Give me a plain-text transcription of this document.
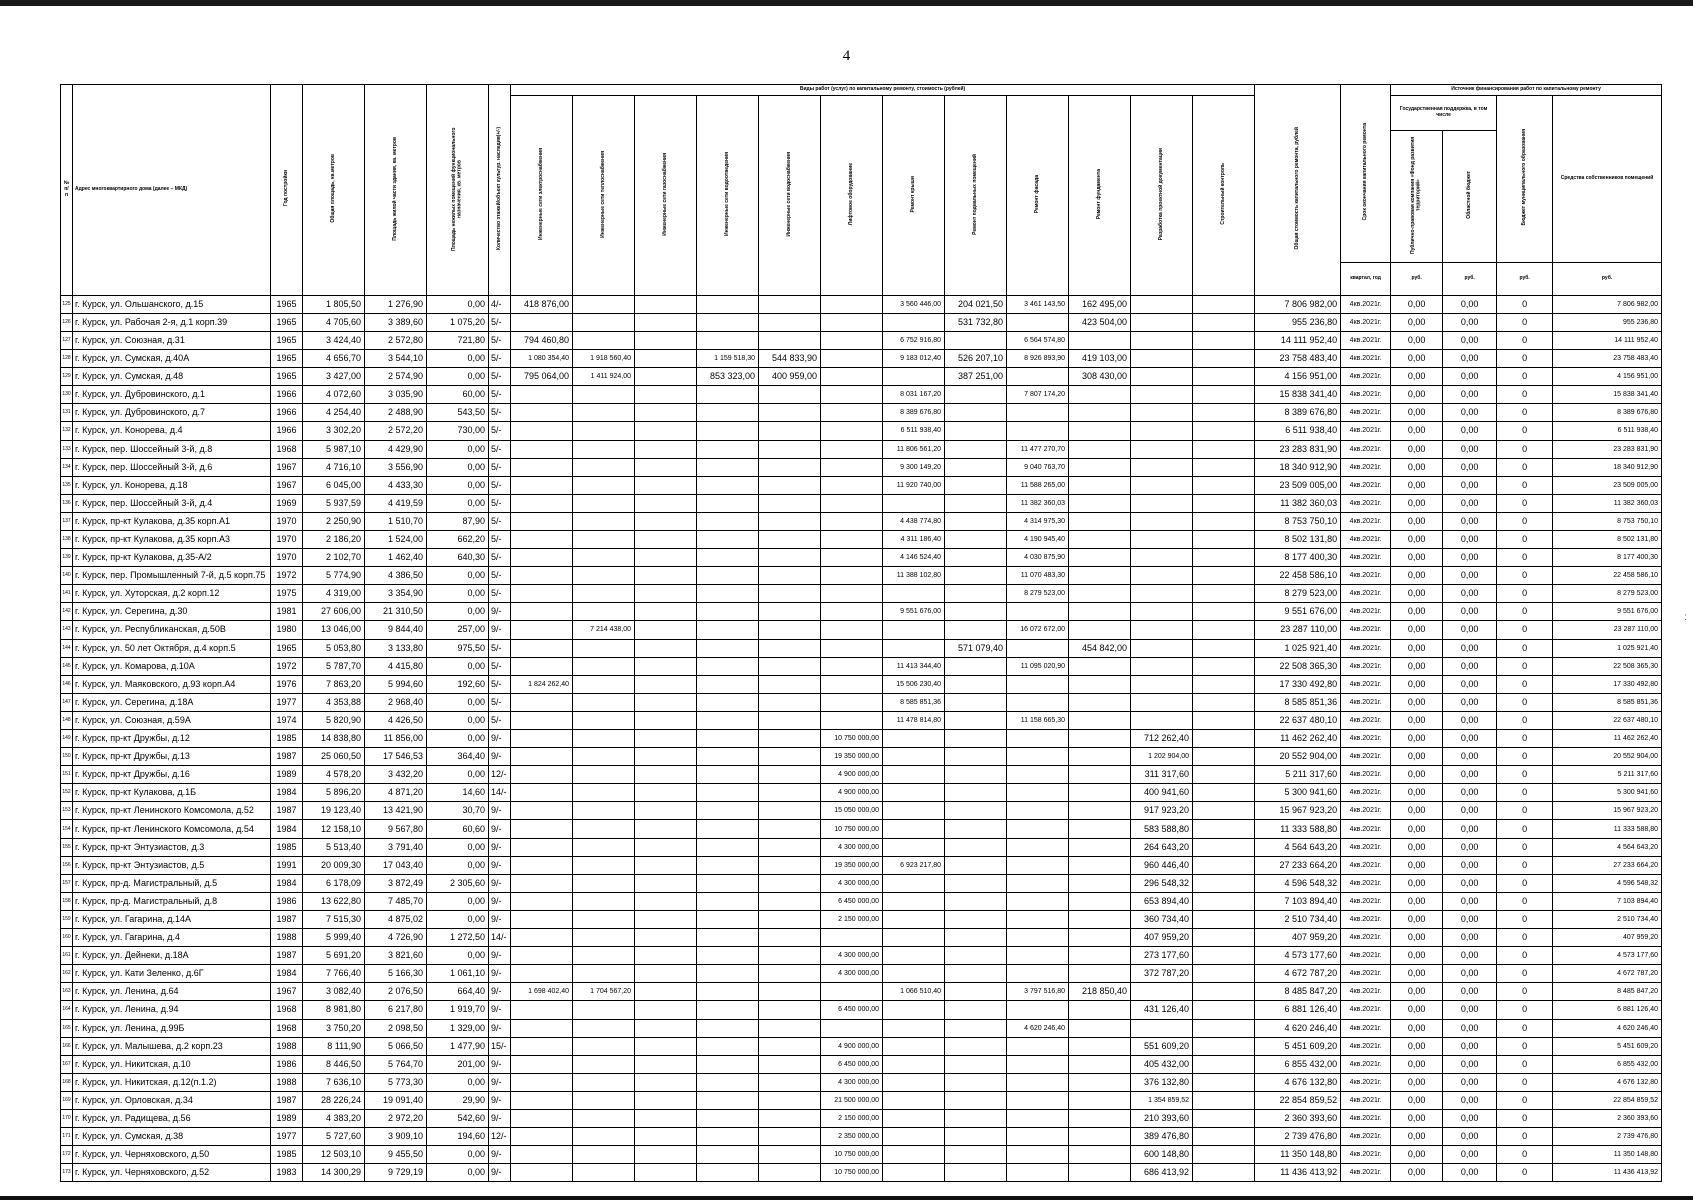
4
№ п/п	Адрес многоквартирного дома (далее – МКД)	Год постройки	Общая площадь, кв.метров	Площадь жилой части здания, кв. метров	Площадь нежилых помещений функционального назначения, кв. метров	Количество этажей/объект культур. наследия(+/-)	Виды работ (услуг) по капитальному ремонту, стоимость (рублей)												Общая стоимость капитального ремонта, рублей	Срок окончания капитального ремонта	Источник финансирования работ по капитальному ремонту			
							Инженерные сети электроснабжения	Инженерные сети теплоснабжения	Инженерные сети газоснабжения	Инженерные сети водоотведения	Инженерные сети водоснабжения	Лифтовое оборудование	Ремонт крыши	Ремонт подвальных помещений	Ремонт фасада	Ремонт фундамента	Разработка проектной документации	Строительный контроль			Государственная поддержка, в том числе		Бюджет муниципального образования	Средства собственников помещений
																					Публично-правовая компания «Фонд развития территорий»	Областной бюджет		
																				квартал, год	руб.	руб.	руб.	руб.
125	г. Курск, ул. Ольшанского, д.15	1965	1 805,50	1 276,90	0,00	4/-	418 876,00						3 560 446,00	204 021,50	3 461 143,50	162 495,00			7 806 982,00	4кв.2021г.	0,00	0,00	0	7 806 982,00
126	г. Курск, ул. Рабочая 2-я, д.1 корп.39	1965	4 705,60	3 389,60	1 075,20	5/-								531 732,80		423 504,00			955 236,80	4кв.2021г.	0,00	0,00	0	955 236,80
127	г. Курск, ул. Союзная, д.31	1965	3 424,40	2 572,80	721,80	5/-	794 460,80						6 752 916,80		6 564 574,80				14 111 952,40	4кв.2021г.	0,00	0,00	0	14 111 952,40
128	г. Курск, ул. Сумская, д.40А	1965	4 656,70	3 544,10	0,00	5/-	1 080 354,40	1 918 560,40		1 159 518,30	544 833,90		9 183 012,40	526 207,10	8 926 893,90	419 103,00			23 758 483,40	4кв.2021г.	0,00	0,00	0	23 758 483,40
129	г. Курск, ул. Сумская, д.48	1965	3 427,00	2 574,90	0,00	5/-	795 064,00	1 411 924,00		853 323,00	400 959,00			387 251,00		308 430,00			4 156 951,00	4кв.2021г.	0,00	0,00	0	4 156 951,00
130	г. Курск, ул. Дубровинского, д.1	1966	4 072,60	3 035,90	60,00	5/-							8 031 167,20		7 807 174,20				15 838 341,40	4кв.2021г.	0,00	0,00	0	15 838 341,40
131	г. Курск, ул. Дубровинского, д.7	1966	4 254,40	2 488,90	543,50	5/-							8 389 676,80						8 389 676,80	4кв.2021г.	0,00	0,00	0	8 389 676,80
132	г. Курск, ул. Конорева, д.4	1966	3 302,20	2 572,20	730,00	5/-							6 511 938,40						6 511 938,40	4кв.2021г.	0,00	0,00	0	6 511 938,40
133	г. Курск, пер. Шоссейный 3-й, д.8	1968	5 987,10	4 429,90	0,00	5/-							11 806 561,20		11 477 270,70				23 283 831,90	4кв.2021г.	0,00	0,00	0	23 283 831,90
134	г. Курск, пер. Шоссейный 3-й, д.6	1967	4 716,10	3 556,90	0,00	5/-							9 300 149,20		9 040 763,70				18 340 912,90	4кв.2021г.	0,00	0,00	0	18 340 912,90
135	г. Курск, ул. Конорева, д.18	1967	6 045,00	4 433,30	0,00	5/-							11 920 740,00		11 588 265,00				23 509 005,00	4кв.2021г.	0,00	0,00	0	23 509 005,00
136	г. Курск, пер. Шоссейный 3-й, д.4	1969	5 937,59	4 419,59	0,00	5/-									11 382 360,03				11 382 360,03	4кв.2021г.	0,00	0,00	0	11 382 360,03
137	г. Курск, пр-кт Кулакова, д.35 корп.А1	1970	2 250,90	1 510,70	87,90	5/-							4 438 774,80		4 314 975,30				8 753 750,10	4кв.2021г.	0,00	0,00	0	8 753 750,10
138	г. Курск, пр-кт Кулакова, д.35 корп.А3	1970	2 186,20	1 524,00	662,20	5/-							4 311 186,40		4 190 945,40				8 502 131,80	4кв.2021г.	0,00	0,00	0	8 502 131,80
139	г. Курск, пр-кт Кулакова, д.35-А/2	1970	2 102,70	1 462,40	640,30	5/-							4 146 524,40		4 030 875,90				8 177 400,30	4кв.2021г.	0,00	0,00	0	8 177 400,30
140	г. Курск, пер. Промышленный 7-й, д.5 корп.75	1972	5 774,90	4 386,50	0,00	5/-							11 388 102,80		11 070 483,30				22 458 586,10	4кв.2021г.	0,00	0,00	0	22 458 586,10
141	г. Курск, ул. Хуторская, д.2 корп.12	1975	4 319,00	3 354,90	0,00	5/-									8 279 523,00				8 279 523,00	4кв.2021г.	0,00	0,00	0	8 279 523,00
142	г. Курск, ул. Серегина, д.30	1981	27 606,00	21 310,50	0,00	9/-							9 551 676,00						9 551 676,00	4кв.2021г.	0,00	0,00	0	9 551 676,00
143	г. Курск, ул. Республиканская, д.50В	1980	13 046,00	9 844,40	257,00	9/-		7 214 438,00							16 072 672,00				23 287 110,00	4кв.2021г.	0,00	0,00	0	23 287 110,00
144	г. Курск, ул. 50 лет Октября, д.4 корп.5	1965	5 053,80	3 133,80	975,50	5/-								571 079,40		454 842,00			1 025 921,40	4кв.2021г.	0,00	0,00	0	1 025 921,40
145	г. Курск, ул. Комарова, д.10А	1972	5 787,70	4 415,80	0,00	5/-							11 413 344,40		11 095 020,90				22 508 365,30	4кв.2021г.	0,00	0,00	0	22 508 365,30
146	г. Курск, ул. Маяковского, д.93 корп.А4	1976	7 863,20	5 994,60	192,60	5/-	1 824 262,40						15 506 230,40						17 330 492,80	4кв.2021г.	0,00	0,00	0	17 330 492,80
147	г. Курск, ул. Серегина, д.18А	1977	4 353,88	2 968,40	0,00	5/-							8 585 851,36						8 585 851,36	4кв.2021г.	0,00	0,00	0	8 585 851,36
148	г. Курск, ул. Союзная, д.59А	1974	5 820,90	4 426,50	0,00	5/-							11 478 814,80		11 158 665,30				22 637 480,10	4кв.2021г.	0,00	0,00	0	22 637 480,10
149	г. Курск, пр-кт Дружбы, д.12	1985	14 838,80	11 856,00	0,00	9/-						10 750 000,00					712 262,40		11 462 262,40	4кв.2021г.	0,00	0,00	0	11 462 262,40
150	г. Курск, пр-кт Дружбы, д.13	1987	25 060,50	17 546,53	364,40	9/-						19 350 000,00					1 202 904,00		20 552 904,00	4кв.2021г.	0,00	0,00	0	20 552 904,00
151	г. Курск, пр-кт Дружбы, д.16	1989	4 578,20	3 432,20	0,00	12/-						4 900 000,00					311 317,60		5 211 317,60	4кв.2021г.	0,00	0,00	0	5 211 317,60
152	г. Курск, пр-кт Кулакова, д.1Б	1984	5 896,20	4 871,20	14,60	14/-						4 900 000,00					400 941,60		5 300 941,60	4кв.2021г.	0,00	0,00	0	5 300 941,60
153	г. Курск, пр-кт Ленинского Комсомола, д.52	1987	19 123,40	13 421,90	30,70	9/-						15 050 000,00					917 923,20		15 967 923,20	4кв.2021г.	0,00	0,00	0	15 967 923,20
154	г. Курск, пр-кт Ленинского Комсомола, д.54	1984	12 158,10	9 567,80	60,60	9/-						10 750 000,00					583 588,80		11 333 588,80	4кв.2021г.	0,00	0,00	0	11 333 588,80
155	г. Курск, пр-кт Энтузиастов, д.3	1985	5 513,40	3 791,40	0,00	9/-						4 300 000,00					264 643,20		4 564 643,20	4кв.2021г.	0,00	0,00	0	4 564 643,20
156	г. Курск, пр-кт Энтузиастов, д.5	1991	20 009,30	17 043,40	0,00	9/-						19 350 000,00	6 923 217,80				960 446,40		27 233 664,20	4кв.2021г.	0,00	0,00	0	27 233 664,20
157	г. Курск, пр-д. Магистральный, д.5	1984	6 178,09	3 872,49	2 305,60	9/-						4 300 000,00					296 548,32		4 596 548,32	4кв.2021г.	0,00	0,00	0	4 596 548,32
158	г. Курск, пр-д. Магистральный, д.8	1986	13 622,80	7 485,70	0,00	9/-						6 450 000,00					653 894,40		7 103 894,40	4кв.2021г.	0,00	0,00	0	7 103 894,40
159	г. Курск, ул. Гагарина, д.14А	1987	7 515,30	4 875,02	0,00	9/-						2 150 000,00					360 734,40		2 510 734,40	4кв.2021г.	0,00	0,00	0	2 510 734,40
160	г. Курск, ул. Гагарина, д.4	1988	5 999,40	4 726,90	1 272,50	14/-											407 959,20		407 959,20	4кв.2021г.	0,00	0,00	0	407 959,20
161	г. Курск, ул. Дейнеки, д.18А	1987	5 691,20	3 821,60	0,00	9/-						4 300 000,00					273 177,60		4 573 177,60	4кв.2021г.	0,00	0,00	0	4 573 177,60
162	г. Курск, ул. Кати Зеленко, д.6Г	1984	7 766,40	5 166,30	1 061,10	9/-						4 300 000,00					372 787,20		4 672 787,20	4кв.2021г.	0,00	0,00	0	4 672 787,20
163	г. Курск, ул. Ленина, д.64	1967	3 082,40	2 076,50	664,40	9/-	1 698 402,40	1 704 567,20					1 066 510,40		3 797 516,80	218 850,40			8 485 847,20	4кв.2021г.	0,00	0,00	0	8 485 847,20
164	г. Курск, ул. Ленина, д.94	1968	8 981,80	6 217,80	1 919,70	9/-						6 450 000,00					431 126,40		6 881 126,40	4кв.2021г.	0,00	0,00	0	6 881 126,40
165	г. Курск, ул. Ленина, д.99Б	1968	3 750,20	2 098,50	1 329,00	9/-									4 620 246,40				4 620 246,40	4кв.2021г.	0,00	0,00	0	4 620 246,40
166	г. Курск, ул. Малышева, д.2 корп.23	1988	8 111,90	5 066,50	1 477,90	15/-						4 900 000,00					551 609,20		5 451 609,20	4кв.2021г.	0,00	0,00	0	5 451 609,20
167	г. Курск, ул. Никитская, д.10	1986	8 446,50	5 764,70	201,00	9/-						6 450 000,00					405 432,00		6 855 432,00	4кв.2021г.	0,00	0,00	0	6 855 432,00
168	г. Курск, ул. Никитская, д.12(п.1.2)	1988	7 636,10	5 773,30	0,00	9/-						4 300 000,00					376 132,80		4 676 132,80	4кв.2021г.	0,00	0,00	0	4 676 132,80
169	г. Курск, ул. Орловская, д.34	1987	28 226,24	19 091,40	29,90	9/-						21 500 000,00					1 354 859,52		22 854 859,52	4кв.2021г.	0,00	0,00	0	22 854 859,52
170	г. Курск, ул. Радищева, д.56	1989	4 383,20	2 972,20	542,60	9/-						2 150 000,00					210 393,60		2 360 393,60	4кв.2021г.	0,00	0,00	0	2 360 393,60
171	г. Курск, ул. Сумская, д.38	1977	5 727,60	3 909,10	194,60	12/-						2 350 000,00					389 476,80		2 739 476,80	4кв.2021г.	0,00	0,00	0	2 739 476,80
172	г. Курск, ул. Черняховского, д.50	1985	12 503,10	9 455,50	0,00	9/-						10 750 000,00					600 148,80		11 350 148,80	4кв.2021г.	0,00	0,00	0	11 350 148,80
173	г. Курск, ул. Черняховского, д.52	1983	14 300,29	9 729,19	0,00	9/-						10 750 000,00					686 413,92		11 436 413,92	4кв.2021г.	0,00	0,00	0	11 436 413,92
:
